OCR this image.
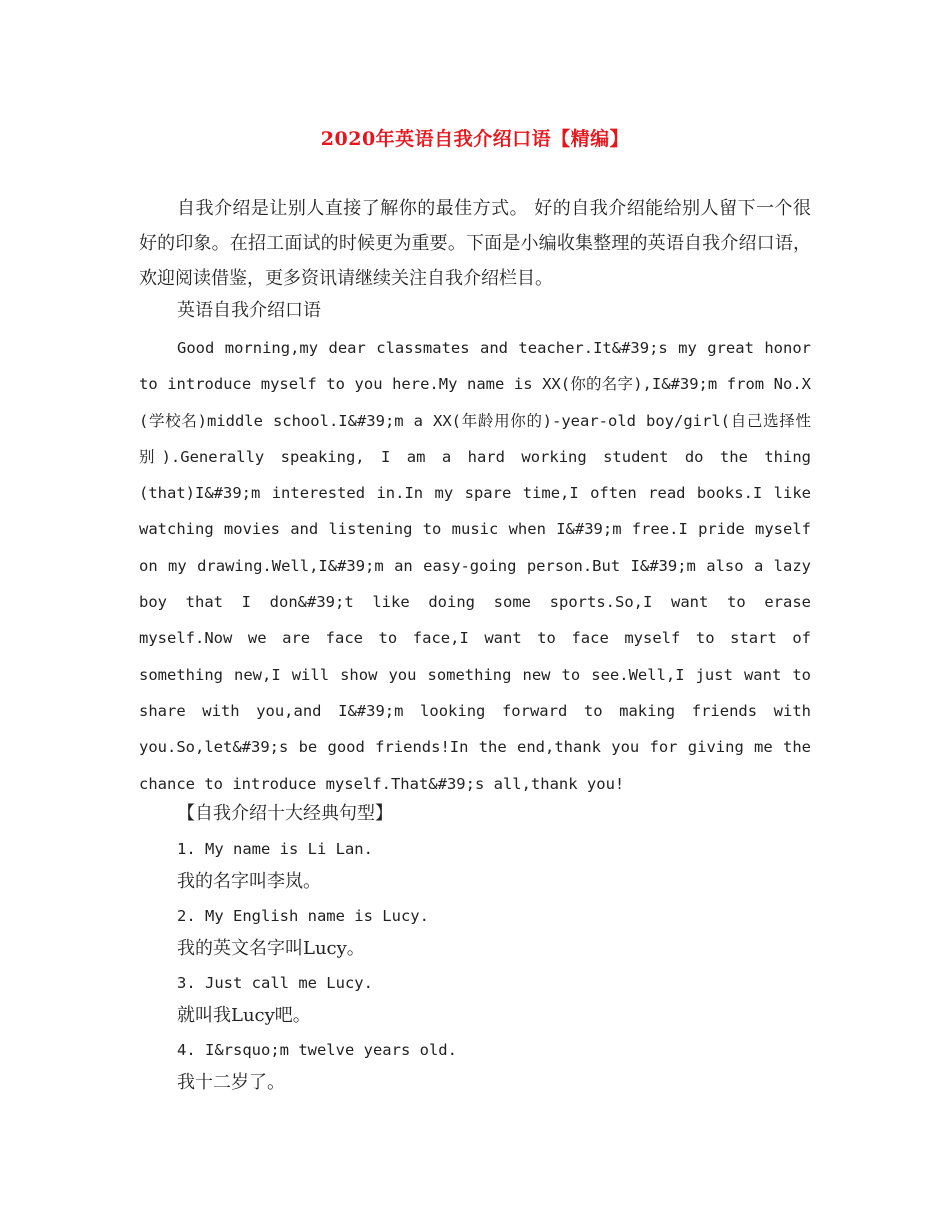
2020年英语自我介绍口语【精编】
自我介绍是让别人直接了解你的最佳方式。 好的自我介绍能给别人留下一个很好的印象。在招工面试的时候更为重要。下面是小编收集整理的英语自我介绍口语，欢迎阅读借鉴，更多资讯请继续关注自我介绍栏目。
英语自我介绍口语
Good morning,my dear classmates and teacher.It&#39;s my great honor to introduce myself to you here.My name is XX(你的名字),I&#39;m from No.X (学校名)middle school.I&#39;m a XX(年龄用你的)-year-old boy/girl(自己选择性别).Generally speaking, I am a hard working student do the thing (that)I&#39;m interested in.In my spare time,I often read books.I like watching movies and listening to music when I&#39;m free.I pride myself on my drawing.Well,I&#39;m an easy-going person.But I&#39;m also a lazy boy that I don&#39;t like doing some sports.So,I want to erase myself.Now we are face to face,I want to face myself to start of something new,I will show you something new to see.Well,I just want to share with you,and I&#39;m looking forward to making friends with you.So,let&#39;s be good friends!In the end,thank you for giving me the chance to introduce myself.That&#39;s all,thank you!
【自我介绍十大经典句型】
1. My name is Li Lan.
我的名字叫李岚。
2. My English name is Lucy.
我的英文名字叫Lucy。
3. Just call me Lucy.
就叫我Lucy吧。
4. I&rsquo;m twelve years old.
我十二岁了。
